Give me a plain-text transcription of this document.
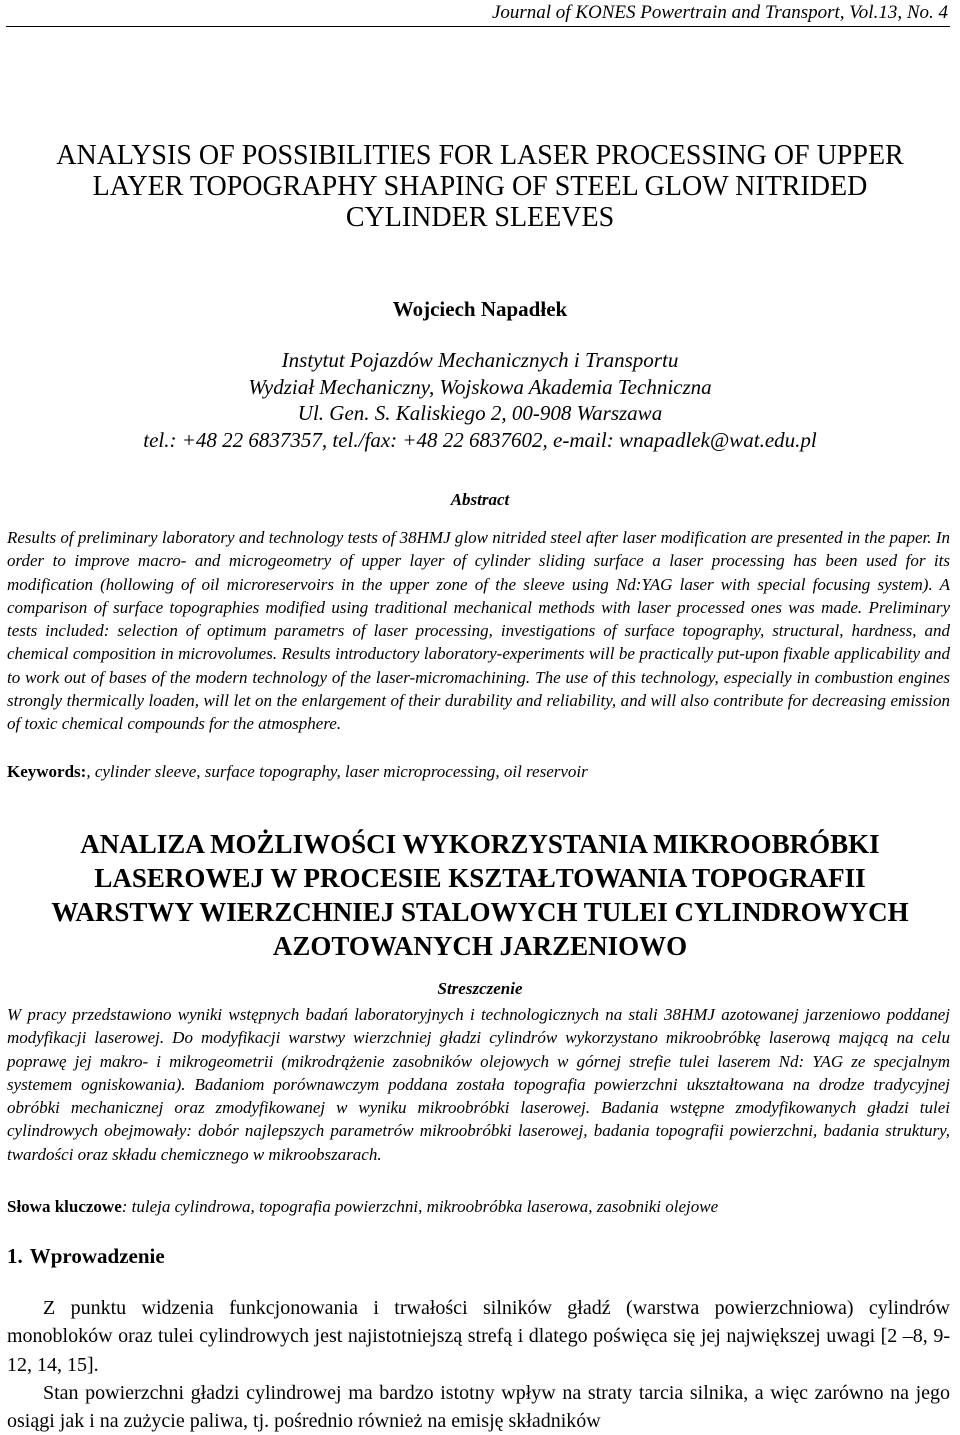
Journal of KONES Powertrain and Transport, Vol.13, No. 4
ANALYSIS OF POSSIBILITIES FOR LASER PROCESSING OF UPPER
LAYER TOPOGRAPHY SHAPING OF STEEL GLOW NITRIDED
CYLINDER SLEEVES
Wojciech Napadłek
Instytut Pojazdów Mechanicznych i Transportu
Wydział Mechaniczny, Wojskowa Akademia Techniczna
Ul. Gen. S. Kaliskiego 2, 00-908 Warszawa
tel.: +48 22 6837357, tel./fax: +48 22 6837602, e-mail: wnapadlek@wat.edu.pl
Abstract
Results of preliminary laboratory and technology tests of 38HMJ glow nitrided steel after laser modification are presented in the paper. In order to improve macro- and microgeometry of upper layer of cylinder sliding surface a laser processing has been used for its modification (hollowing of oil microreservoirs in the upper zone of the sleeve using Nd:YAG laser with special focusing system). A comparison of surface topographies modified using traditional mechanical methods with laser processed ones was made. Preliminary tests included: selection of optimum parametrs of laser processing, investigations of surface topography, structural, hardness, and chemical composition in microvolumes. Results introductory laboratory-experiments will be practically put-upon fixable applicability and to work out of bases of the modern technology of the laser-micromachining. The use of this technology, especially in combustion engines strongly thermically loaden, will let on the enlargement of their durability and reliability, and will also contribute for decreasing emission of toxic chemical compounds for the atmosphere.
Keywords:, cylinder sleeve, surface topography, laser microprocessing, oil reservoir
ANALIZA MOŻLIWOŚCI WYKORZYSTANIA MIKROOBRÓBKI
LASEROWEJ W PROCESIE KSZTAŁTOWANIA TOPOGRAFII
WARSTWY WIERZCHNIEJ STALOWYCH TULEI CYLINDROWYCH
AZOTOWANYCH JARZENIOWO
Streszczenie
W pracy przedstawiono wyniki wstępnych badań laboratoryjnych i technologicznych na stali 38HMJ azotowanej jarzeniowo poddanej modyfikacji laserowej. Do modyfikacji warstwy wierzchniej gładzi cylindrów wykorzystano mikroobróbkę laserową mającą na celu poprawę jej makro- i mikrogeometrii (mikrodrążenie zasobników olejowych w górnej strefie tulei laserem Nd: YAG ze specjalnym systemem ogniskowania). Badaniom porównawczym poddana została topografia powierzchni ukształtowana na drodze tradycyjnej obróbki mechanicznej oraz zmodyfikowanej w wyniku mikroobróbki laserowej. Badania wstępne zmodyfikowanych gładzi tulei cylindrowych obejmowały: dobór najlepszych parametrów mikroobróbki laserowej, badania topografii powierzchni, badania struktury, twardości oraz składu chemicznego w mikroobszarach.
Słowa kluczowe: tuleja cylindrowa, topografia powierzchni, mikroobróbka laserowa, zasobniki olejowe
1. Wprowadzenie

Z punktu widzenia funkcjonowania i trwałości silników gładź (warstwa powierzchniowa) cylindrów monobloków oraz tulei cylindrowych jest najistotniejszą strefą i dlatego poświęca się jej największej uwagi [2 –8, 9-12, 14, 15].

Stan powierzchni gładzi cylindrowej ma bardzo istotny wpływ na straty tarcia silnika, a więc zarówno na jego osiągi jak i na zużycie paliwa, tj. pośrednio również na emisję składników
